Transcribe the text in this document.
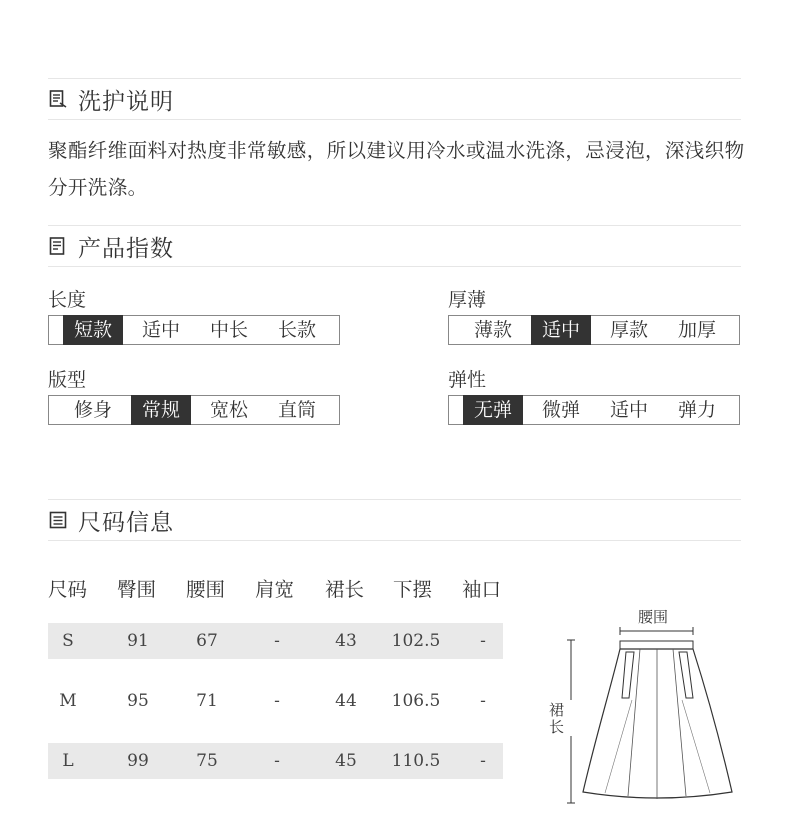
洗护说明
聚酯纤维面料对热度非常敏感，所以建议用冷水或温水洗涤，忌浸泡，深浅织物分开洗涤。
产品指数
长度
短款	适中	中长	长款
厚薄
薄款	适中	厚款	加厚
版型
修身	常规	宽松	直筒
弹性
无弹	微弹	适中	弹力
尺码信息
尺码	臀围	腰围	肩宽	裙长	下摆	袖口
S	91	67	-	43	102.5	-
M	95	71	-	44	106.5	-
L	99	75	-	45	110.5	-
腰围
裙长
